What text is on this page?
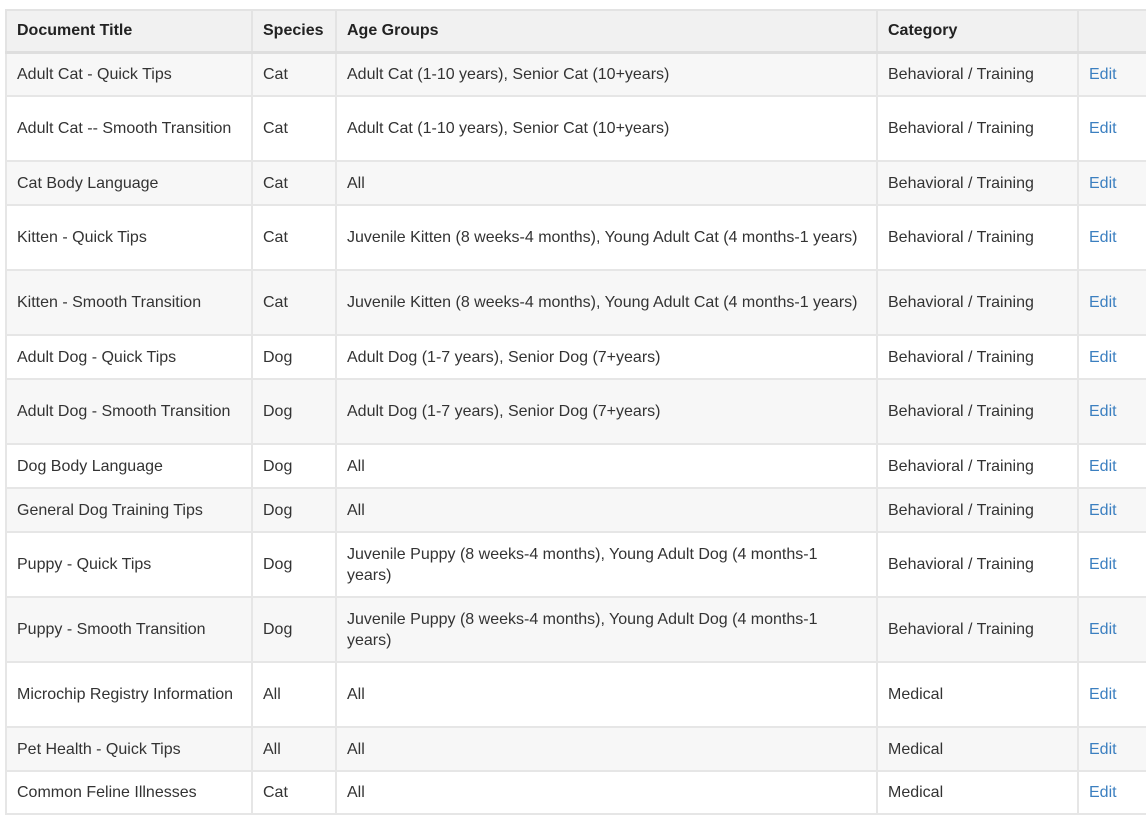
Document Title	Species	Age Groups	Category	
Adult Cat - Quick Tips	Cat	Adult Cat (1-10 years), Senior Cat (10+years)	Behavioral / Training	Edit
Adult Cat -- Smooth Transition	Cat	Adult Cat (1-10 years), Senior Cat (10+years)	Behavioral / Training	Edit
Cat Body Language	Cat	All	Behavioral / Training	Edit
Kitten - Quick Tips	Cat	Juvenile Kitten (8 weeks-4 months), Young Adult Cat (4 months-1 years)	Behavioral / Training	Edit
Kitten - Smooth Transition	Cat	Juvenile Kitten (8 weeks-4 months), Young Adult Cat (4 months-1 years)	Behavioral / Training	Edit
Adult Dog - Quick Tips	Dog	Adult Dog (1-7 years), Senior Dog (7+years)	Behavioral / Training	Edit
Adult Dog - Smooth Transition	Dog	Adult Dog (1-7 years), Senior Dog (7+years)	Behavioral / Training	Edit
Dog Body Language	Dog	All	Behavioral / Training	Edit
General Dog Training Tips	Dog	All	Behavioral / Training	Edit
Puppy - Quick Tips	Dog	Juvenile Puppy (8 weeks-4 months), Young Adult Dog (4 months-1 years)	Behavioral / Training	Edit
Puppy - Smooth Transition	Dog	Juvenile Puppy (8 weeks-4 months), Young Adult Dog (4 months-1 years)	Behavioral / Training	Edit
Microchip Registry Information	All	All	Medical	Edit
Pet Health - Quick Tips	All	All	Medical	Edit
Common Feline Illnesses	Cat	All	Medical	Edit
